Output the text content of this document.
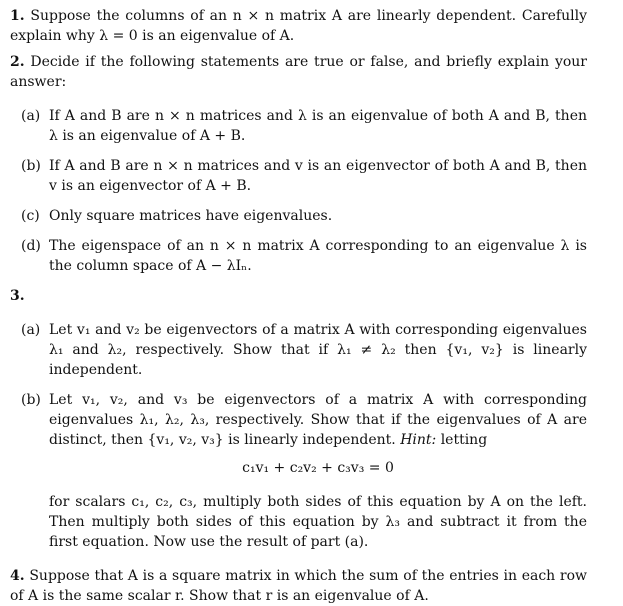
1. Suppose the columns of an n × n matrix A are linearly dependent. Carefully explain why λ = 0 is an eigenvalue of A.

2. Decide if the following statements are true or false, and briefly explain your answer:

(a) If A and B are n × n matrices and λ is an eigenvalue of both A and B, then λ is an eigenvalue of A + B.
(b) If A and B are n × n matrices and v is an eigenvector of both A and B, then v is an eigenvector of A + B.
(c) Only square matrices have eigenvalues.
(d) The eigenspace of an n × n matrix A corresponding to an eigenvalue λ is the column space of A − λIₙ.

3.

(a) Let v₁ and v₂ be eigenvectors of a matrix A with corresponding eigenvalues λ₁ and λ₂, respectively. Show that if λ₁ ≠ λ₂ then {v₁, v₂} is linearly independent.
(b) Let v₁, v₂, and v₃ be eigenvectors of a matrix A with corresponding eigenvalues λ₁, λ₂, λ₃, respectively. Show that if the eigenvalues of A are distinct, then {v₁, v₂, v₃} is linearly independent. Hint: letting
c₁v₁ + c₂v₂ + c₃v₃ = 0
for scalars c₁, c₂, c₃, multiply both sides of this equation by A on the left. Then multiply both sides of this equation by λ₃ and subtract it from the first equation. Now use the result of part (a).

4. Suppose that A is a square matrix in which the sum of the entries in each row of A is the same scalar r. Show that r is an eigenvalue of A.
